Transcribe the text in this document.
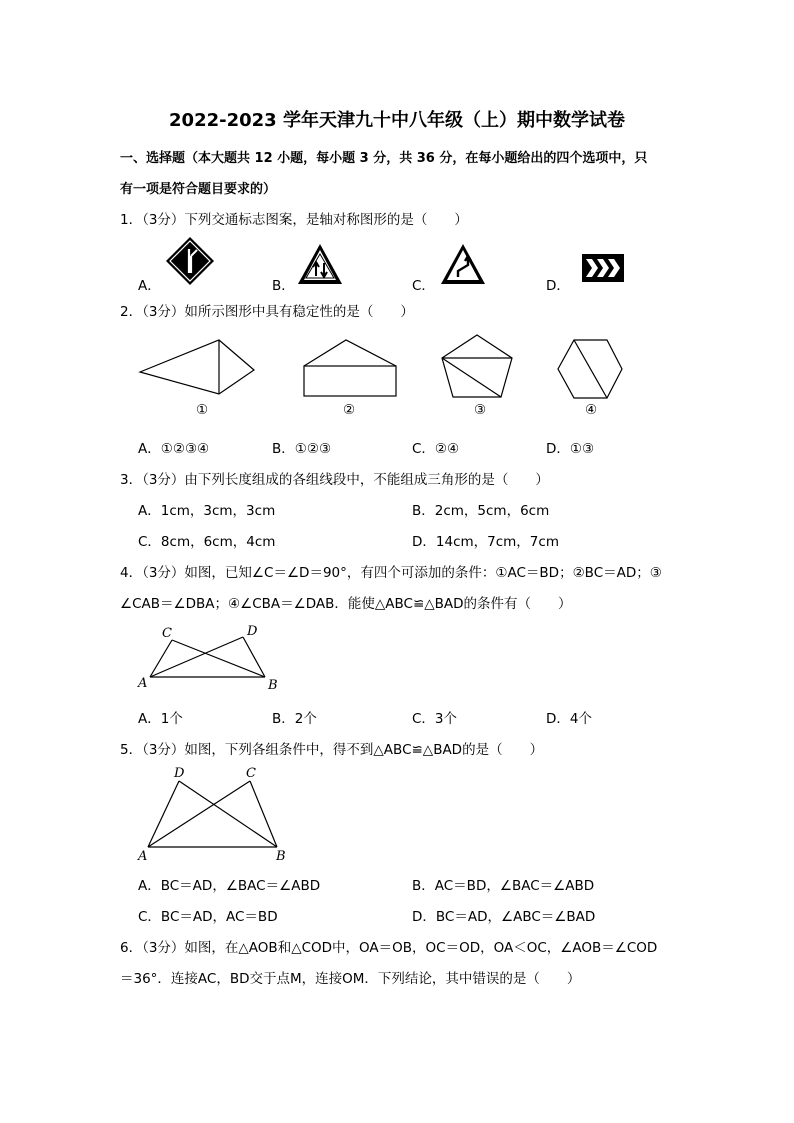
2022-2023 学年天津九十中八年级（上）期中数学试卷
一、选择题（本大题共 12 小题，每小题 3 分，共 36 分，在每小题给出的四个选项中，只
有一项是符合题目要求的）
1．（3分）下列交通标志图案，是轴对称图形的是（　　）
A．	B．	C．	D．
2．（3分）如所示图形中具有稳定性的是（　　）
①	②	③	④
A．①②③④	B．①②③	C．②④	D．①③
3．（3分）由下列长度组成的各组线段中，不能组成三角形的是（　　）
A．1cm，3cm，3cm	B．2cm，5cm，6cm
C．8cm，6cm，4cm	D．14cm，7cm，7cm
4．（3分）如图，已知∠C＝∠D＝90°，有四个可添加的条件：①AC＝BD；②BC＝AD；③
∠CAB＝∠DBA；④∠CBA＝∠DAB．能使△ABC≌△BAD的条件有（　　）
C	D
A	B
A．1个	B．2个	C．3个	D．4个
5．（3分）如图，下列各组条件中，得不到△ABC≌△BAD的是（　　）
D	C
A	B
A．BC＝AD，∠BAC＝∠ABD	B．AC＝BD，∠BAC＝∠ABD
C．BC＝AD，AC＝BD	D．BC＝AD，∠ABC＝∠BAD
6．（3分）如图，在△AOB和△COD中，OA＝OB，OC＝OD，OA＜OC，∠AOB＝∠COD
＝36°．连接AC，BD交于点M，连接OM．下列结论，其中错误的是（　　）
